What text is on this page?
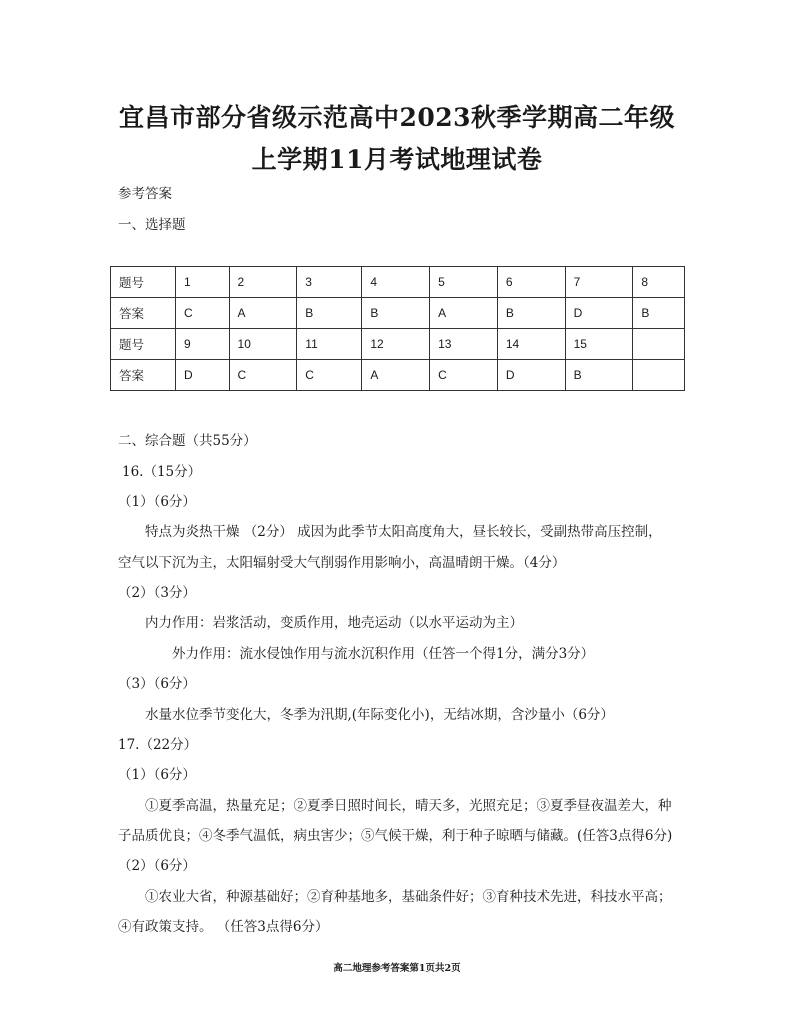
宜昌市部分省级示范高中2023秋季学期高二年级
上学期11月考试地理试卷
参考答案
一、选择题
题号	1	2	3	4	5	6	7	8
答案	C	A	B	B	A	B	D	B
题号	9	10	11	12	13	14	15	
答案	D	C	C	A	C	D	B	
二、综合题（共55分）
16.（15分）
（1）（6分）
特点为炎热干燥 （2分） 成因为此季节太阳高度角大，昼长较长，受副热带高压控制，
空气以下沉为主，太阳辐射受大气削弱作用影响小，高温晴朗干燥。（4分）
（2）（3分）
内力作用：岩浆活动，变质作用，地壳运动（以水平运动为主）
外力作用：流水侵蚀作用与流水沉积作用（任答一个得1分，满分3分）
（3）（6分）
水量水位季节变化大，冬季为汛期,(年际变化小)，无结冰期，含沙量小（6分）
17.（22分）
（1）（6分）
①夏季高温，热量充足；②夏季日照时间长，晴天多，光照充足；③夏季昼夜温差大，种
子品质优良；④冬季气温低，病虫害少；⑤气候干燥，利于种子晾晒与储藏。(任答3点得6分)
（2）（6分）
①农业大省，种源基础好；②育种基地多，基础条件好；③育种技术先进，科技水平高；
④有政策支持。 （任答3点得6分）
高二地理参考答案第1页共2页
